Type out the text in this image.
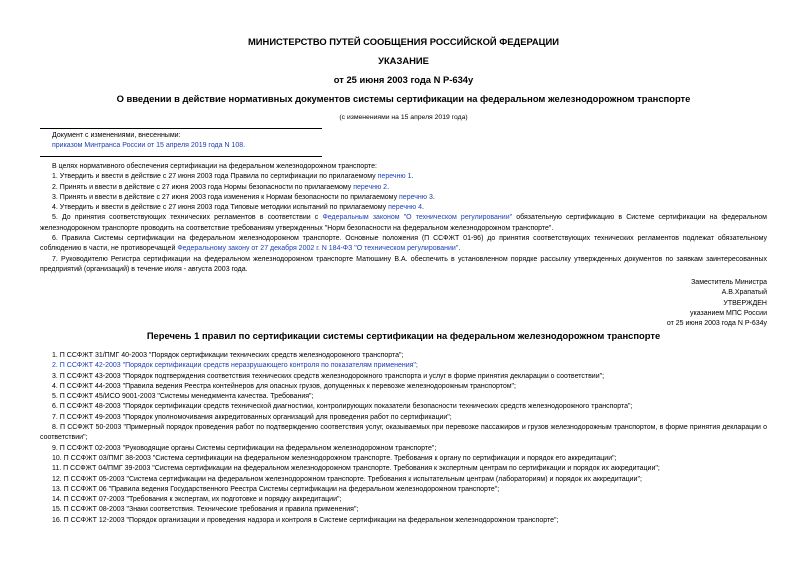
МИНИСТЕРСТВО ПУТЕЙ СООБЩЕНИЯ РОССИЙСКОЙ ФЕДЕРАЦИИ
УКАЗАНИЕ
от 25 июня 2003 года N Р-634у
О введении в действие нормативных документов системы сертификации на федеральном железнодорожном транспорте
(с изменениями на 15 апреля 2019 года)
Документ с изменениями, внесенными:
приказом Минтранса России от 15 апреля 2019 года N 108.

В целях нормативного обеспечения сертификации на федеральном железнодорожном транспорте:

1. Утвердить и ввести в действие с 27 июня 2003 года Правила по сертификации по прилагаемому перечню 1.

2. Принять и ввести в действие с 27 июня 2003 года Нормы безопасности по прилагаемому перечню 2.

3. Принять и ввести в действие с 27 июня 2003 года изменения к Нормам безопасности по прилагаемому перечню 3.

4. Утвердить и ввести в действие с 27 июня 2003 года Типовые методики испытаний по прилагаемому перечню 4.

5. До принятия соответствующих технических регламентов в соответствии с Федеральным законом "О техническом регулировании" обязательную сертификацию в Системе сертификации на федеральном железнодорожном транспорте проводить на соответствие требованиям утвержденных "Норм безопасности на федеральном железнодорожном транспорте".

6. Правила Системы сертификации на федеральном железнодорожном транспорте. Основные положения (П ССФЖТ 01-96) до принятия соответствующих технических регламентов подлежат обязательному соблюдению в части, не противоречащей Федеральному закону от 27 декабря 2002 г. N 184-ФЗ "О техническом регулировании".

7. Руководителю Регистра сертификации на федеральном железнодорожном транспорте Матюшину В.А. обеспечить в установленном порядке рассылку утвержденных документов по заявкам заинтересованных предприятий (организаций) в течение июля - августа 2003 года.

Заместитель Министра
А.В.Храпатый
УТВЕРЖДЕН
указанием МПС России
от 25 июня 2003 года N Р-634у
Перечень 1 правил по сертификации системы сертификации на федеральном железнодорожном транспорте

1. П ССФЖТ 31/ПМГ 40-2003 "Порядок сертификации технических средств железнодорожного транспорта";

2. П ССФЖТ 42-2003 "Порядок сертификации средств неразрушающего контроля по показателям применения";

3. П ССФЖТ 43-2003 "Порядок подтверждения соответствия технических средств железнодорожного транспорта и услуг в форме принятия декларации о соответствии";

4. П ССФЖТ 44-2003 "Правила ведения Реестра контейнеров для опасных грузов, допущенных к перевозке железнодорожным транспортом";

5. П ССФЖТ 45/ИСО 9001-2003 "Системы менеджмента качества. Требования";

6. П ССФЖТ 48-2003 "Порядок сертификации средств технической диагностики, контролирующих показатели безопасности технических средств железнодорожного транспорта";

7. П ССФЖТ 49-2003 "Порядок уполномочивания аккредитованных организаций для проведения работ по сертификации";

8. П ССФЖТ 50-2003 "Примерный порядок проведения работ по подтверждению соответствия услуг, оказываемых при перевозке пассажиров и грузов железнодорожным транспортом, в форме принятия декларации о соответствии";

9. П ССФЖТ 02-2003 "Руководящие органы Системы сертификации на федеральном железнодорожном транспорте";

10. П ССФЖТ 03/ПМГ 38-2003 "Система сертификации на федеральном железнодорожном транспорте. Требования к органу по сертификации и порядок его аккредитации";

11. П ССФЖТ 04/ПМГ 39-2003 "Система сертификации на федеральном железнодорожном транспорте. Требования к экспертным центрам по сертификации и порядок их аккредитации";

12. П ССФЖТ 05-2003 "Система сертификации на федеральном железнодорожном транспорте. Требования к испытательным центрам (лабораториям) и порядок их аккредитации";

13. П ССФЖТ 06 "Правила ведения Государственного Реестра Системы сертификации на федеральном железнодорожном транспорте";

14. П ССФЖТ 07-2003 "Требования к экспертам, их подготовке и порядку аккредитации";

15. П ССФЖТ 08-2003 "Знаки соответствия. Технические требования и правила применения";

16. П ССФЖТ 12-2003 "Порядок организации и проведения надзора и контроля в Системе сертификации на федеральном железнодорожном транспорте";
